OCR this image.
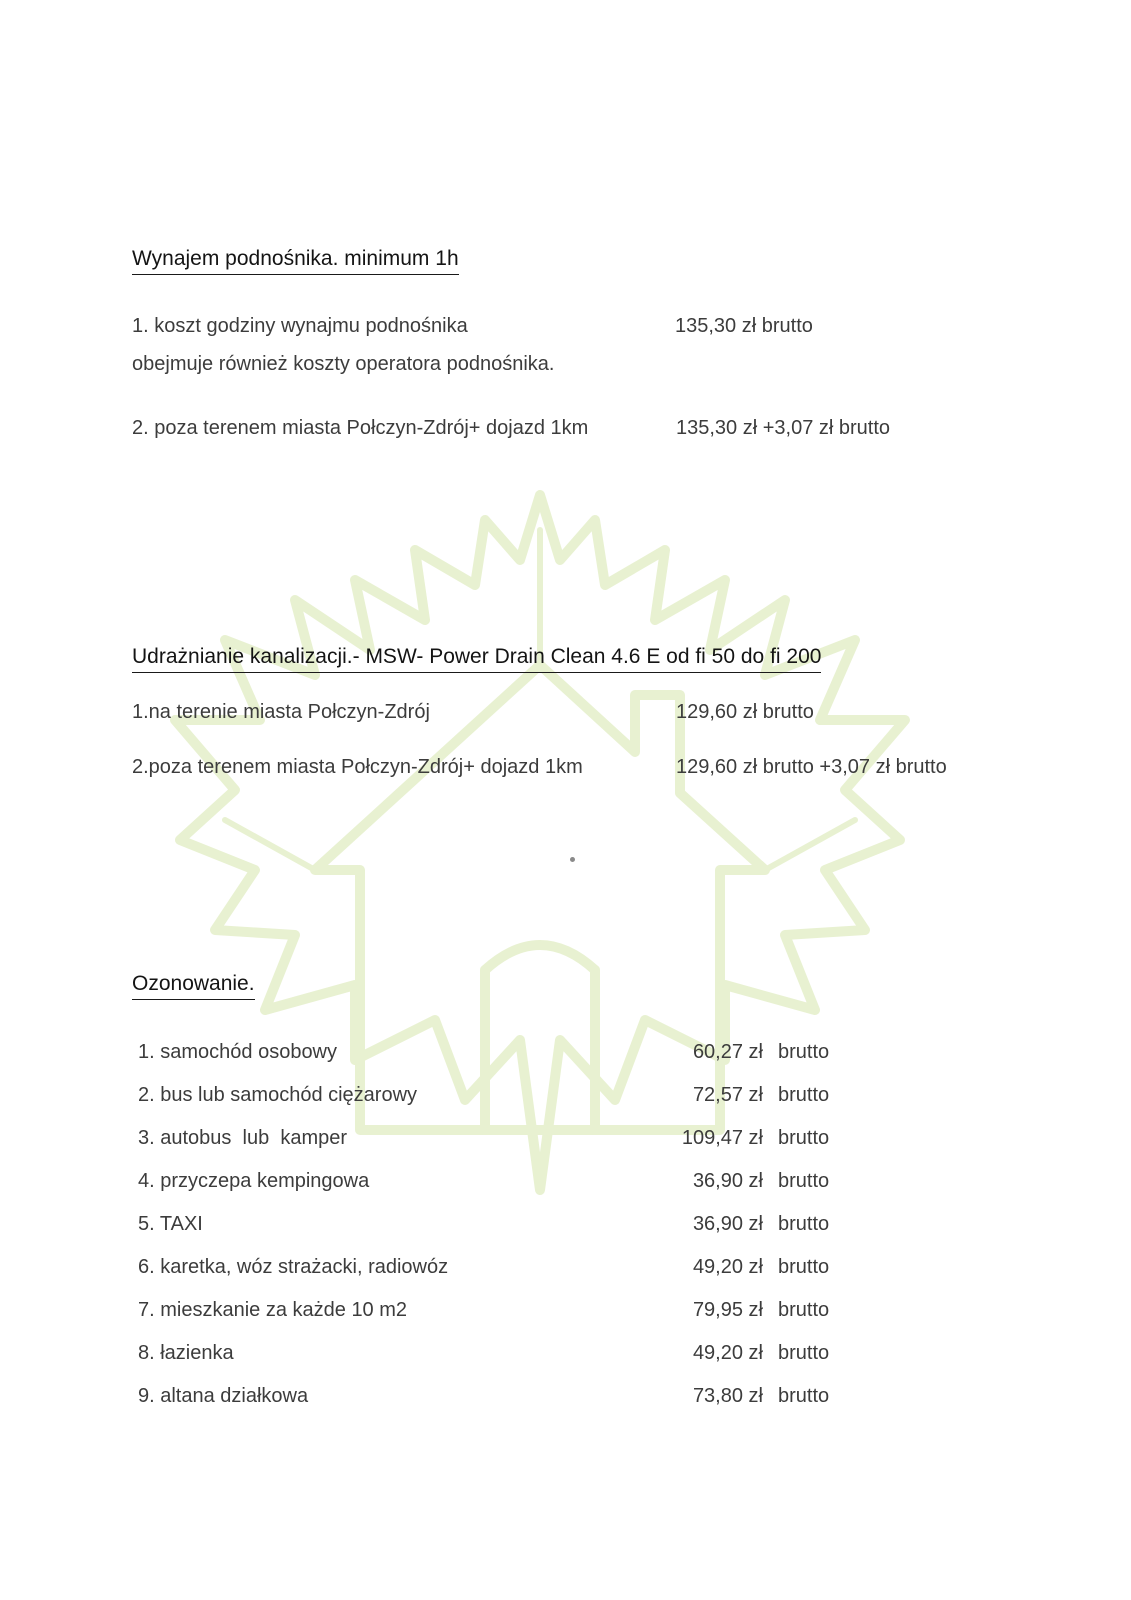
Wynajem podnośnika. minimum 1h
1. koszt godziny wynajmu podnośnika	135,30 zł brutto
obejmuje również koszty operatora podnośnika.
2. poza terenem miasta Połczyn-Zdrój+ dojazd 1km	135,30 zł +3,07 zł brutto
Udrażnianie kanalizacji.- MSW- Power Drain Clean 4.6 E od fi 50 do fi 200
1.na terenie miasta Połczyn-Zdrój	129,60 zł brutto
2.poza terenem miasta Połczyn-Zdrój+ dojazd 1km	129,60 zł brutto +3,07 zł brutto
Ozonowanie.
1. samochód osobowy	60,27 zł brutto
2. bus lub samochód ciężarowy	72,57 zł brutto
3. autobus  lub  kamper	109,47 zł brutto
4. przyczepa kempingowa	36,90 zł brutto
5. TAXI	36,90 zł brutto
6. karetka, wóz strażacki, radiowóz	49,20 zł brutto
7. mieszkanie za każde 10 m2	79,95 zł brutto
8. łazienka	49,20 zł brutto
9. altana działkowa	73,80 zł brutto
